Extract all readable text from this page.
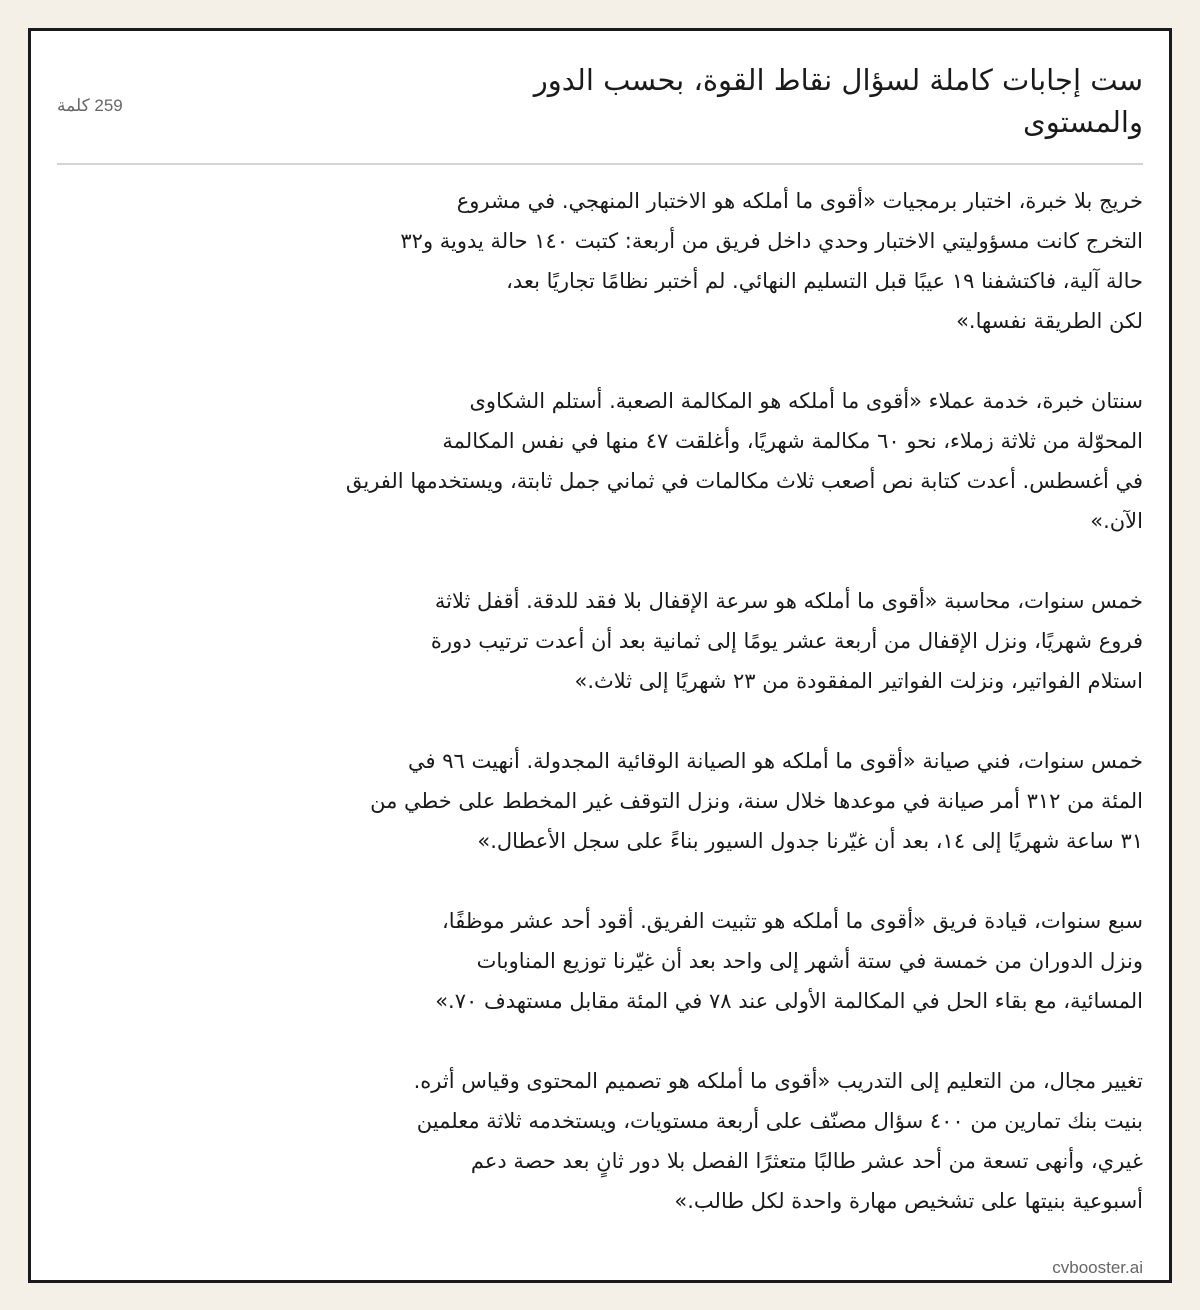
ست إجابات كاملة لسؤال نقاط القوة، بحسب الدور والمستوى
259 كلمة

خريج بلا خبرة، اختبار برمجيات «أقوى ما أملكه هو الاختبار المنهجي. في مشروع
التخرج كانت مسؤوليتي الاختبار وحدي داخل فريق من أربعة: كتبت ١٤٠ حالة يدوية و٣٢
حالة آلية، فاكتشفنا ١٩ عيبًا قبل التسليم النهائي. لم أختبر نظامًا تجاريًا بعد،
لكن الطريقة نفسها.»

سنتان خبرة، خدمة عملاء «أقوى ما أملكه هو المكالمة الصعبة. أستلم الشكاوى
المحوّلة من ثلاثة زملاء، نحو ٦٠ مكالمة شهريًا، وأغلقت ٤٧ منها في نفس المكالمة
في أغسطس. أعدت كتابة نص أصعب ثلاث مكالمات في ثماني جمل ثابتة، ويستخدمها الفريق
الآن.»

خمس سنوات، محاسبة «أقوى ما أملكه هو سرعة الإقفال بلا فقد للدقة. أقفل ثلاثة
فروع شهريًا، ونزل الإقفال من أربعة عشر يومًا إلى ثمانية بعد أن أعدت ترتيب دورة
استلام الفواتير، ونزلت الفواتير المفقودة من ٢٣ شهريًا إلى ثلاث.»

خمس سنوات، فني صيانة «أقوى ما أملكه هو الصيانة الوقائية المجدولة. أنهيت ٩٦ في
المئة من ٣١٢ أمر صيانة في موعدها خلال سنة، ونزل التوقف غير المخطط على خطي من
٣١ ساعة شهريًا إلى ١٤، بعد أن غيّرنا جدول السيور بناءً على سجل الأعطال.»

سبع سنوات، قيادة فريق «أقوى ما أملكه هو تثبيت الفريق. أقود أحد عشر موظفًا،
ونزل الدوران من خمسة في ستة أشهر إلى واحد بعد أن غيّرنا توزيع المناوبات
المسائية، مع بقاء الحل في المكالمة الأولى عند ٧٨ في المئة مقابل مستهدف ٧٠.»

تغيير مجال، من التعليم إلى التدريب «أقوى ما أملكه هو تصميم المحتوى وقياس أثره.
بنيت بنك تمارين من ٤٠٠ سؤال مصنّف على أربعة مستويات، ويستخدمه ثلاثة معلمين
غيري، وأنهى تسعة من أحد عشر طالبًا متعثرًا الفصل بلا دور ثانٍ بعد حصة دعم
أسبوعية بنيتها على تشخيص مهارة واحدة لكل طالب.»

cvbooster.ai
